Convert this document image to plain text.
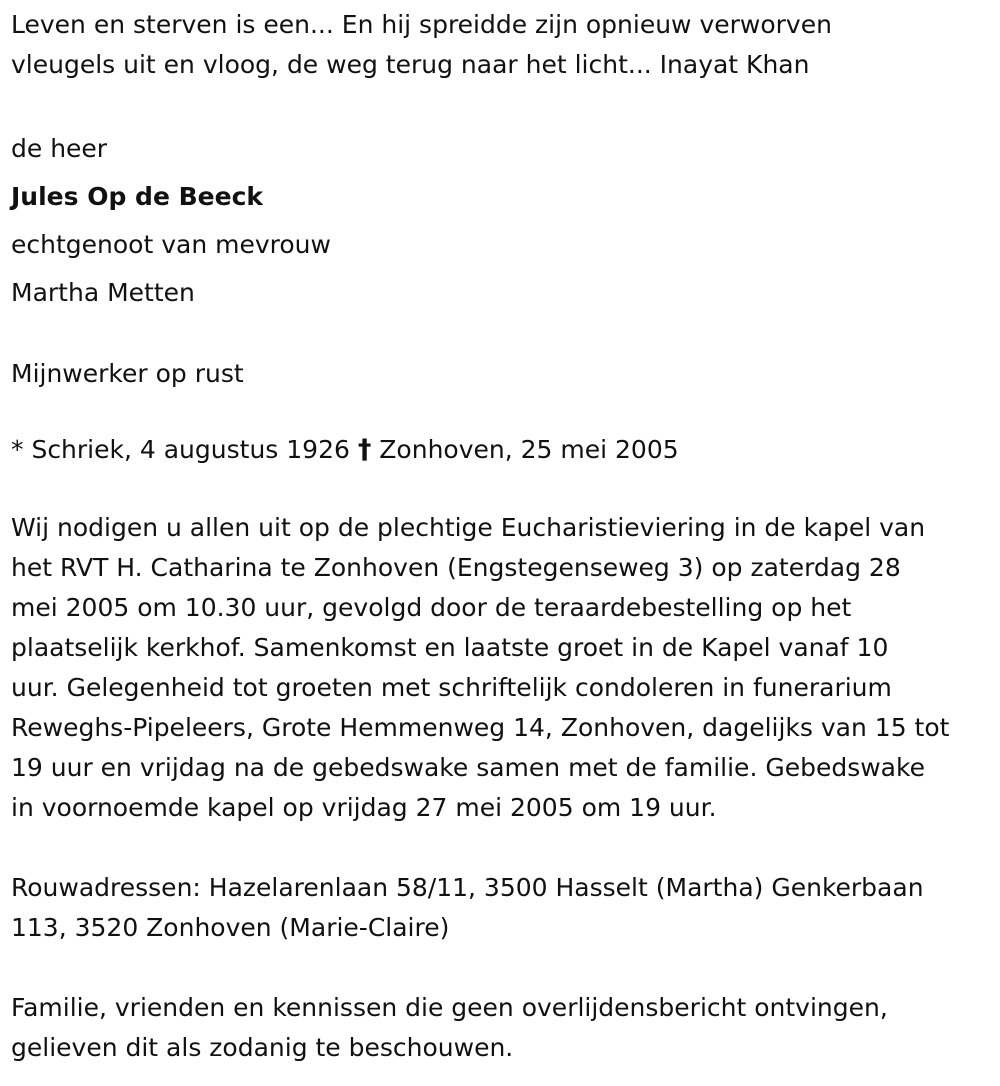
Leven en sterven is een... En hij spreidde zijn opnieuw verworven

vleugels uit en vloog, de weg terug naar het licht... Inayat Khan

de heer

Jules Op de Beeck

echtgenoot van mevrouw

Martha Metten

Mijnwerker op rust

* Schriek, 4 augustus 1926 † Zonhoven, 25 mei 2005

Wij nodigen u allen uit op de plechtige Eucharistieviering in de kapel van

het RVT H. Catharina te Zonhoven (Engstegenseweg 3) op zaterdag 28

mei 2005 om 10.30 uur, gevolgd door de teraardebestelling op het

plaatselijk kerkhof. Samenkomst en laatste groet in de Kapel vanaf 10

uur. Gelegenheid tot groeten met schriftelijk condoleren in funerarium

Reweghs-Pipeleers, Grote Hemmenweg 14, Zonhoven, dagelijks van 15 tot

19 uur en vrijdag na de gebedswake samen met de familie. Gebedswake

in voornoemde kapel op vrijdag 27 mei 2005 om 19 uur.

Rouwadressen: Hazelarenlaan 58/11, 3500 Hasselt (Martha) Genkerbaan

113, 3520 Zonhoven (Marie-Claire)

Familie, vrienden en kennissen die geen overlijdensbericht ontvingen,

gelieven dit als zodanig te beschouwen.
